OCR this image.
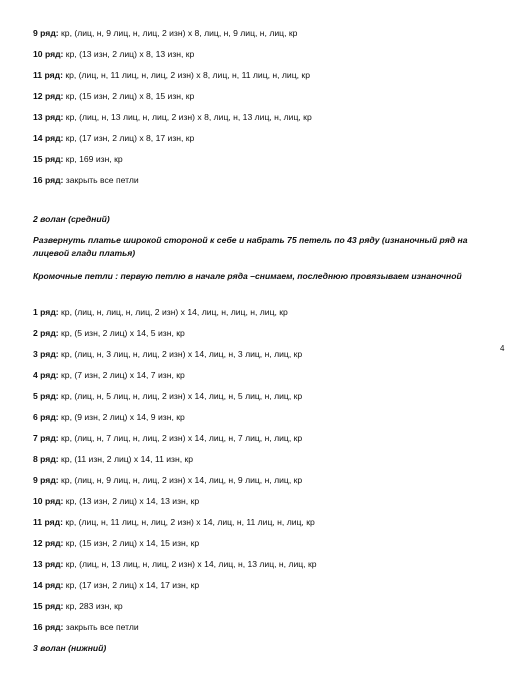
9 ряд: кр, (лиц, н, 9 лиц, н, лиц, 2 изн) х 8, лиц, н, 9 лиц, н, лиц, кр
10 ряд: кр, (13 изн, 2 лиц) х 8, 13 изн, кр
11 ряд: кр, (лиц, н, 11 лиц, н, лиц, 2 изн) х 8, лиц, н, 11 лиц, н, лиц, кр
12 ряд: кр, (15 изн, 2 лиц) х 8, 15 изн, кр
13 ряд: кр, (лиц, н, 13 лиц, н, лиц, 2 изн) х 8, лиц, н, 13 лиц, н, лиц, кр
14 ряд: кр, (17 изн, 2 лиц) х 8, 17 изн, кр
15 ряд: кр, 169 изн, кр
16 ряд: закрыть все петли
2 волан (средний)
Развернуть платье широкой стороной к себе и набрать 75 петель по 43 ряду (изнаночный ряд на лицевой глади платья)
Кромочные петли : первую петлю в начале ряда –снимаем, последнюю провязываем изнаночной
1 ряд: кр, (лиц, н, лиц, н, лиц, 2 изн) х 14, лиц, н, лиц, н, лиц, кр
2 ряд: кр, (5 изн, 2 лиц) х 14, 5 изн, кр
3 ряд: кр, (лиц, н, 3 лиц, н, лиц, 2 изн) х 14, лиц, н, 3 лиц, н, лиц, кр
4 ряд: кр, (7 изн, 2 лиц) х 14, 7 изн, кр
5 ряд: кр, (лиц, н, 5 лиц, н, лиц, 2 изн) х 14, лиц, н, 5 лиц, н, лиц, кр
6 ряд: кр, (9 изн, 2 лиц) х 14, 9 изн, кр
7 ряд: кр, (лиц, н, 7 лиц, н, лиц, 2 изн) х 14, лиц, н, 7 лиц, н, лиц, кр
8 ряд: кр, (11 изн, 2 лиц) х 14, 11 изн, кр
9 ряд: кр, (лиц, н, 9 лиц, н, лиц, 2 изн) х 14, лиц, н, 9 лиц, н, лиц, кр
10 ряд: кр, (13 изн, 2 лиц) х 14, 13 изн, кр
11 ряд: кр, (лиц, н, 11 лиц, н, лиц, 2 изн) х 14, лиц, н, 11 лиц, н, лиц, кр
12 ряд: кр, (15 изн, 2 лиц) х 14, 15 изн, кр
13 ряд: кр, (лиц, н, 13 лиц, н, лиц, 2 изн) х 14, лиц, н, 13 лиц, н, лиц, кр
14 ряд: кр, (17 изн, 2 лиц) х 14, 17 изн, кр
15 ряд: кр, 283 изн, кр
16 ряд: закрыть все петли
3 волан (нижний)
4
